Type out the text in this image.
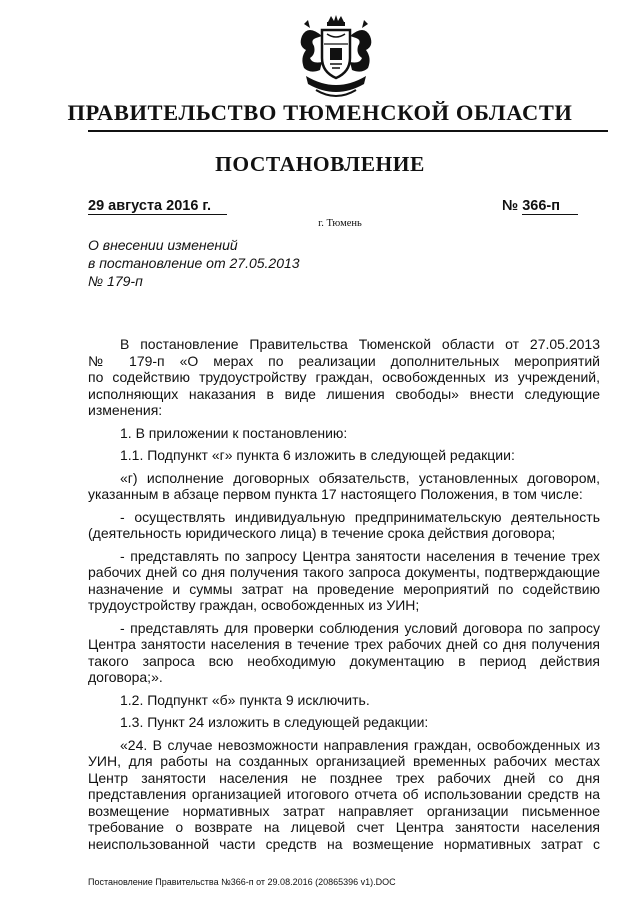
ПРАВИТЕЛЬСТВО ТЮМЕНСКОЙ ОБЛАСТИ
ПОСТАНОВЛЕНИЕ
29 августа 2016 г.	№ 366-п
г. Тюмень
О внесении изменений
в постановление от 27.05.2013
№ 179-п
В постановление Правительства Тюменской области от 27.05.2013
№ 179-п «О мерах по реализации дополнительных мероприятий
по содействию трудоустройству граждан, освобожденных из учреждений,
исполняющих наказания в виде лишения свободы» внести следующие
изменения:
1. В приложении к постановлению:
1.1. Подпункт «г» пункта 6 изложить в следующей редакции:
«г) исполнение договорных обязательств, установленных договором,
указанным в абзаце первом пункта 17 настоящего Положения, в том числе:
- осуществлять индивидуальную предпринимательскую деятельность
(деятельность юридического лица) в течение срока действия договора;
- представлять по запросу Центра занятости населения в течение трех
рабочих дней со дня получения такого запроса документы, подтверждающие
назначение и суммы затрат на проведение мероприятий по содействию
трудоустройству граждан, освобожденных из УИН;
- представлять для проверки соблюдения условий договора по запросу
Центра занятости населения в течение трех рабочих дней со дня получения
такого запроса всю необходимую документацию в период действия
договора;».
1.2. Подпункт «б» пункта 9 исключить.
1.3. Пункт 24 изложить в следующей редакции:
«24. В случае невозможности направления граждан, освобожденных из
УИН, для работы на созданных организацией временных рабочих местах
Центр занятости населения не позднее трех рабочих дней со дня
представления организацией итогового отчета об использовании средств на
возмещение нормативных затрат направляет организации письменное
требование о возврате на лицевой счет Центра занятости населения
неиспользованной части средств на возмещение нормативных затрат с
Постановление Правительства №366-п от 29.08.2016 (20865396 v1).DOC
